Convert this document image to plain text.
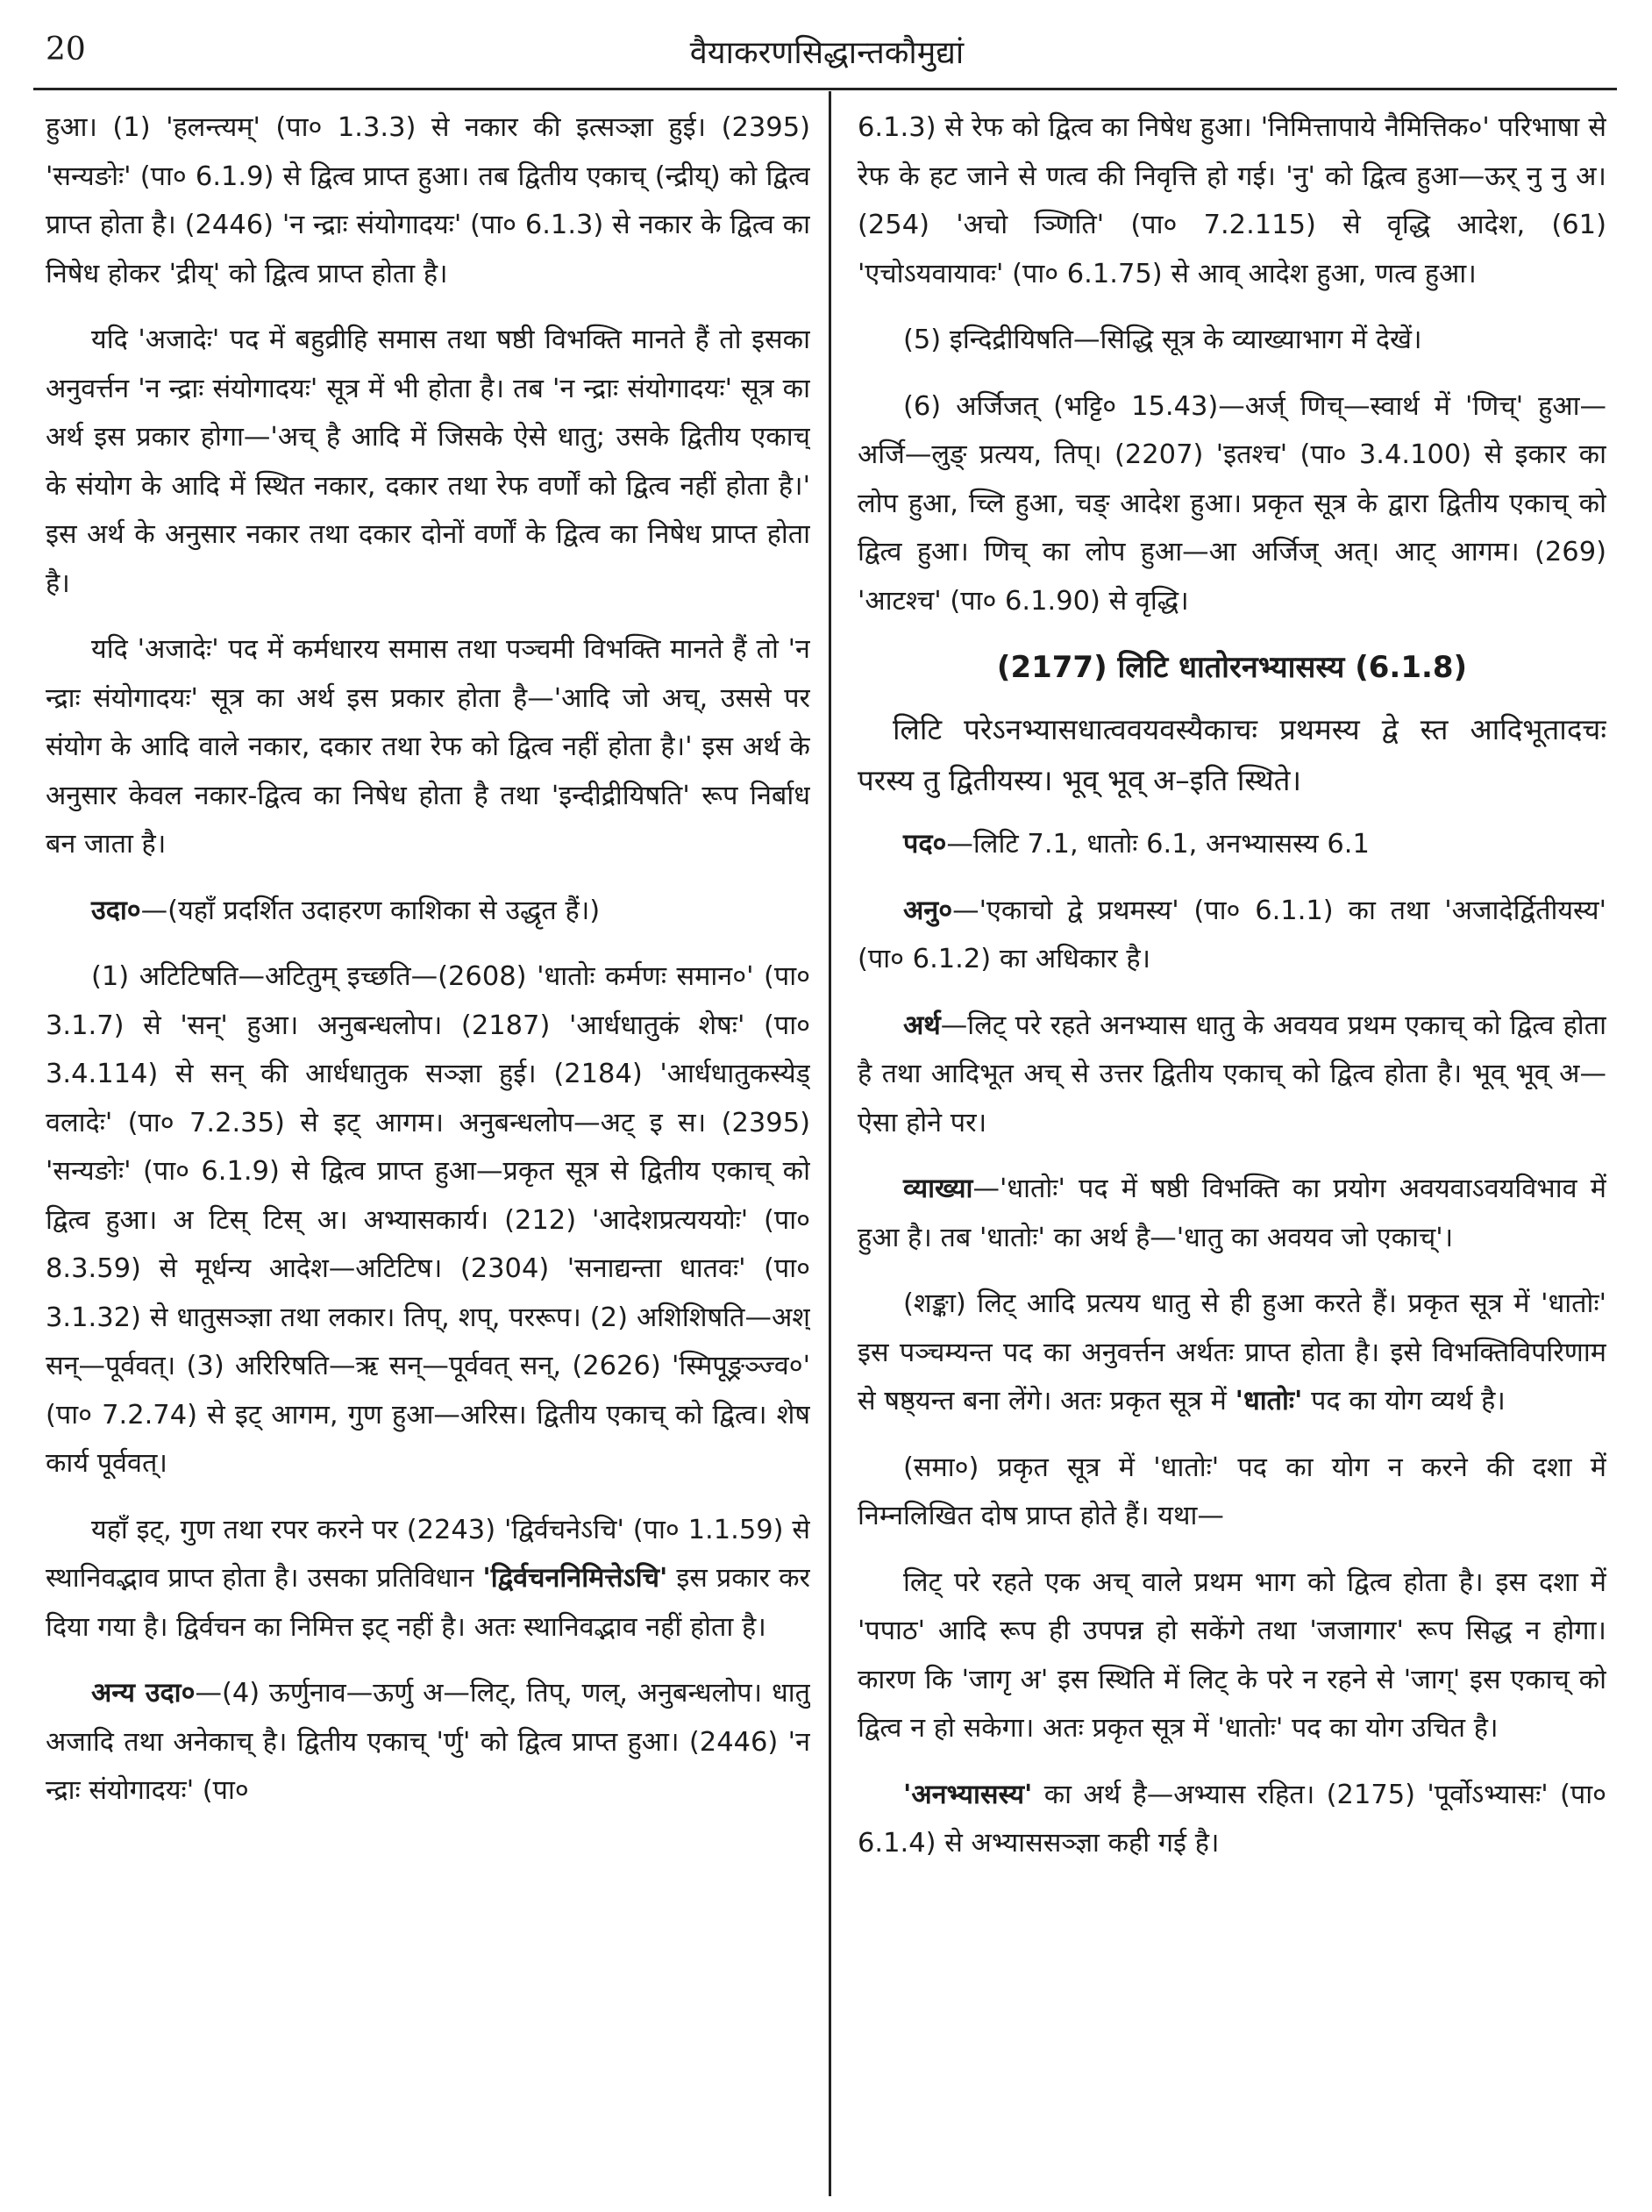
20	वैयाकरणसिद्धान्तकौमुद्यां

हुआ। (1) 'हलन्त्यम्' (पा० 1.3.3) से नकार की इत्सञ्ज्ञा हुई। (2395) 'सन्यङोः' (पा० 6.1.9) से द्वित्व प्राप्त हुआ। तब द्वितीय एकाच् (न्द्रीय्) को द्वित्व प्राप्त होता है। (2446) 'न न्द्राः संयोगादयः' (पा० 6.1.3) से नकार के द्वित्व का निषेध होकर 'द्रीय्' को द्वित्व प्राप्त होता है।

यदि 'अजादेः' पद में बहुव्रीहि समास तथा षष्ठी विभक्ति मानते हैं तो इसका अनुवर्त्तन 'न न्द्राः संयोगादयः' सूत्र में भी होता है। तब 'न न्द्राः संयोगादयः' सूत्र का अर्थ इस प्रकार होगा—'अच् है आदि में जिसके ऐसे धातु; उसके द्वितीय एकाच् के संयोग के आदि में स्थित नकार, दकार तथा रेफ वर्णों को द्वित्व नहीं होता है।' इस अर्थ के अनुसार नकार तथा दकार दोनों वर्णों के द्वित्व का निषेध प्राप्त होता है।

यदि 'अजादेः' पद में कर्मधारय समास तथा पञ्चमी विभक्ति मानते हैं तो 'न न्द्राः संयोगादयः' सूत्र का अर्थ इस प्रकार होता है—'आदि जो अच्, उससे पर संयोग के आदि वाले नकार, दकार तथा रेफ को द्वित्व नहीं होता है।' इस अर्थ के अनुसार केवल नकार-द्वित्व का निषेध होता है तथा 'इन्दीद्रीयिषति' रूप निर्बाध बन जाता है।

उदा०—(यहाँ प्रदर्शित उदाहरण काशिका से उद्धृत हैं।)

(1) अटिटिषति—अटितुम् इच्छति—(2608) 'धातोः कर्मणः समान०' (पा० 3.1.7) से 'सन्' हुआ। अनुबन्धलोप। (2187) 'आर्धधातुकं शेषः' (पा० 3.4.114) से सन् की आर्धधातुक सञ्ज्ञा हुई। (2184) 'आर्धधातुकस्येड् वलादेः' (पा० 7.2.35) से इट् आगम। अनुबन्धलोप—अट् इ स। (2395) 'सन्यङोः' (पा० 6.1.9) से द्वित्व प्राप्त हुआ—प्रकृत सूत्र से द्वितीय एकाच् को द्वित्व हुआ। अ टिस् टिस् अ। अभ्यासकार्य। (212) 'आदेशप्रत्यययोः' (पा० 8.3.59) से मूर्धन्य आदेश—अटिटिष। (2304) 'सनाद्यन्ता धातवः' (पा० 3.1.32) से धातुसञ्ज्ञा तथा लकार। तिप्, शप्, पररूप। (2) अशिशिषति—अश् सन्—पूर्ववत्। (3) अरिरिषति—ऋ सन्—पूर्ववत् सन्, (2626) 'स्मिपूङ्रञ्ज्व०' (पा० 7.2.74) से इट् आगम, गुण हुआ—अरिस। द्वितीय एकाच् को द्वित्व। शेष कार्य पूर्ववत्।

यहाँ इट्, गुण तथा रपर करने पर (2243) 'द्विर्वचनेऽचि' (पा० 1.1.59) से स्थानिवद्भाव प्राप्त होता है। उसका प्रतिविधान 'द्विर्वचननिमित्तेऽचि' इस प्रकार कर दिया गया है। द्विर्वचन का निमित्त इट् नहीं है। अतः स्थानिवद्भाव नहीं होता है।

अन्य उदा०—(4) ऊर्णुनाव—ऊर्णु अ—लिट्, तिप्, णल्, अनुबन्धलोप। धातु अजादि तथा अनेकाच् है। द्वितीय एकाच् 'र्णु' को द्वित्व प्राप्त हुआ। (2446) 'न न्द्राः संयोगादयः' (पा०

6.1.3) से रेफ को द्वित्व का निषेध हुआ। 'निमित्तापाये नैमित्तिक०' परिभाषा से रेफ के हट जाने से णत्व की निवृत्ति हो गई। 'नु' को द्वित्व हुआ—ऊर् नु नु अ। (254) 'अचो ञ्णिति' (पा० 7.2.115) से वृद्धि आदेश, (61) 'एचोऽयवायावः' (पा० 6.1.75) से आव् आदेश हुआ, णत्व हुआ।

(5) इन्दिद्रीयिषति—सिद्धि सूत्र के व्याख्याभाग में देखें।

(6) अर्जिजत् (भट्टि० 15.43)—अर्ज् णिच्—स्वार्थ में 'णिच्' हुआ—अर्जि—लुङ् प्रत्यय, तिप्। (2207) 'इतश्च' (पा० 3.4.100) से इकार का लोप हुआ, च्लि हुआ, चङ् आदेश हुआ। प्रकृत सूत्र के द्वारा द्वितीय एकाच् को द्वित्व हुआ। णिच् का लोप हुआ—आ अर्जिज् अत्। आट् आगम। (269) 'आटश्च' (पा० 6.1.90) से वृद्धि।

(2177) लिटि धातोरनभ्यासस्य (6.1.8)

लिटि परेऽनभ्यासधात्ववयवस्यैकाचः प्रथमस्य द्वे स्त आदिभूतादचः परस्य तु द्वितीयस्य। भूव् भूव् अ–इति स्थिते।

पद०—लिटि 7.1, धातोः 6.1, अनभ्यासस्य 6.1

अनु०—'एकाचो द्वे प्रथमस्य' (पा० 6.1.1) का तथा 'अजादेर्द्वितीयस्य' (पा० 6.1.2) का अधिकार है।

अर्थ—लिट् परे रहते अनभ्यास धातु के अवयव प्रथम एकाच् को द्वित्व होता है तथा आदिभूत अच् से उत्तर द्वितीय एकाच् को द्वित्व होता है। भूव् भूव् अ—ऐसा होने पर।

व्याख्या—'धातोः' पद में षष्ठी विभक्ति का प्रयोग अवयवाऽवयविभाव में हुआ है। तब 'धातोः' का अर्थ है—'धातु का अवयव जो एकाच्'।

(शङ्का) लिट् आदि प्रत्यय धातु से ही हुआ करते हैं। प्रकृत सूत्र में 'धातोः' इस पञ्चम्यन्त पद का अनुवर्त्तन अर्थतः प्राप्त होता है। इसे विभक्तिविपरिणाम से षष्ठ्यन्त बना लेंगे। अतः प्रकृत सूत्र में 'धातोः' पद का योग व्यर्थ है।

(समा०) प्रकृत सूत्र में 'धातोः' पद का योग न करने की दशा में निम्नलिखित दोष प्राप्त होते हैं। यथा—

लिट् परे रहते एक अच् वाले प्रथम भाग को द्वित्व होता है। इस दशा में 'पपाठ' आदि रूप ही उपपन्न हो सकेंगे तथा 'जजागार' रूप सिद्ध न होगा। कारण कि 'जागृ अ' इस स्थिति में लिट् के परे न रहने से 'जाग्' इस एकाच् को द्वित्व न हो सकेगा। अतः प्रकृत सूत्र में 'धातोः' पद का योग उचित है।

'अनभ्यासस्य' का अर्थ है—अभ्यास रहित। (2175) 'पूर्वोऽभ्यासः' (पा० 6.1.4) से अभ्याससञ्ज्ञा कही गई है।
